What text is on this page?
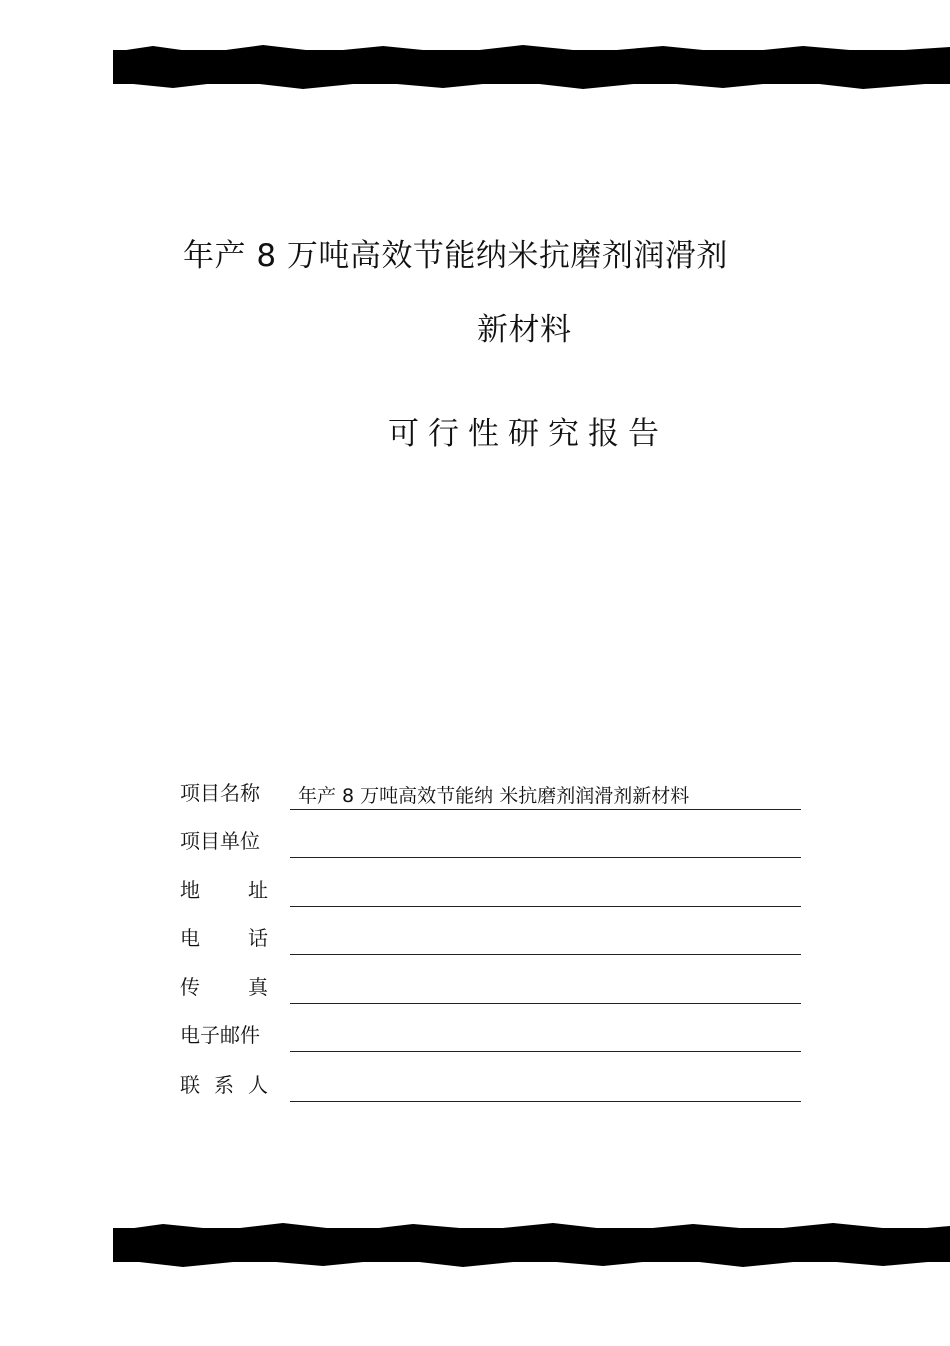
年产 8 万吨高效节能纳米抗磨剂润滑剂
新材料
可行性研究报告
项目名称	年产 8 万吨高效节能纳 米抗磨剂润滑剂新材料
项目单位
地 址
电 话
传 真
电子邮件
联 系 人
